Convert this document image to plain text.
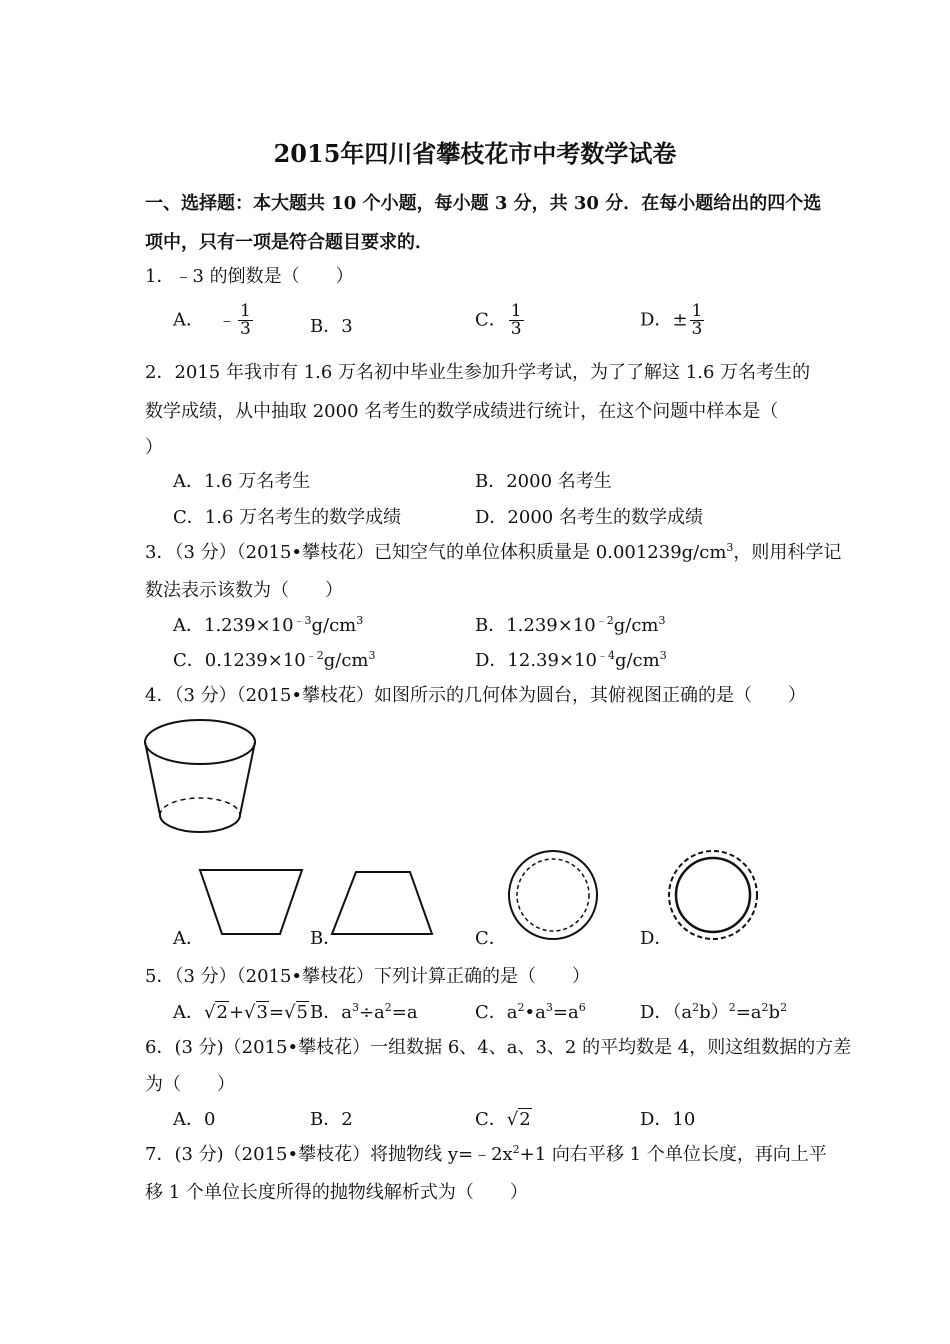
2015年四川省攀枝花市中考数学试卷
一、选择题：本大题共 10 个小题，每小题 3 分，共 30 分．在每小题给出的四个选
项中，只有一项是符合题目要求的．
1．﹣3 的倒数是（　　）
A． ﹣ $\frac{1}{3}$	B．3	C． $\frac{1}{3}$	D．± $\frac{1}{3}$
2．2015 年我市有 1.6 万名初中毕业生参加升学考试，为了了解这 1.6 万名考生的
数学成绩，从中抽取 2000 名考生的数学成绩进行统计，在这个问题中样本是（
）
A．1.6 万名考生	B．2000 名考生
C．1.6 万名考生的数学成绩	D．2000 名考生的数学成绩
3．（3 分）（2015•攀枝花）已知空气的单位体积质量是 $0.001239g/cm^3$，则用科学记
数法表示该数为（　　）
A．$1.239\times 10^{﹣3}g/cm^3$	B．$1.239\times 10^{﹣2}g/cm^3$
C．$0.1239\times 10^{﹣2}g/cm^3$	D．$12.39\times 10^{﹣4}g/cm^3$
4．（3 分）（2015•攀枝花）如图所示的几何体为圆台，其俯视图正确的是（　　）
A．	B．	C．	D．
5．（3 分）（2015•攀枝花）下列计算正确的是（　　）
A．√2+√3=√5 B．$a^3\div a^2=a$	C．$a^2•a^3=a^6$	D．$(a^2b)^2=a^2b^2$
6．(3 分)（2015•攀枝花）一组数据 6、4、a、3、2 的平均数是 4，则这组数据的方差
为（　　）
A．0	B．2	C．√2	D．10
7．(3 分)（2015•攀枝花）将抛物线 $y=﹣2x^2+1$ 向右平移 1 个单位长度，再向上平
移 1 个单位长度所得的抛物线解析式为（　　）
